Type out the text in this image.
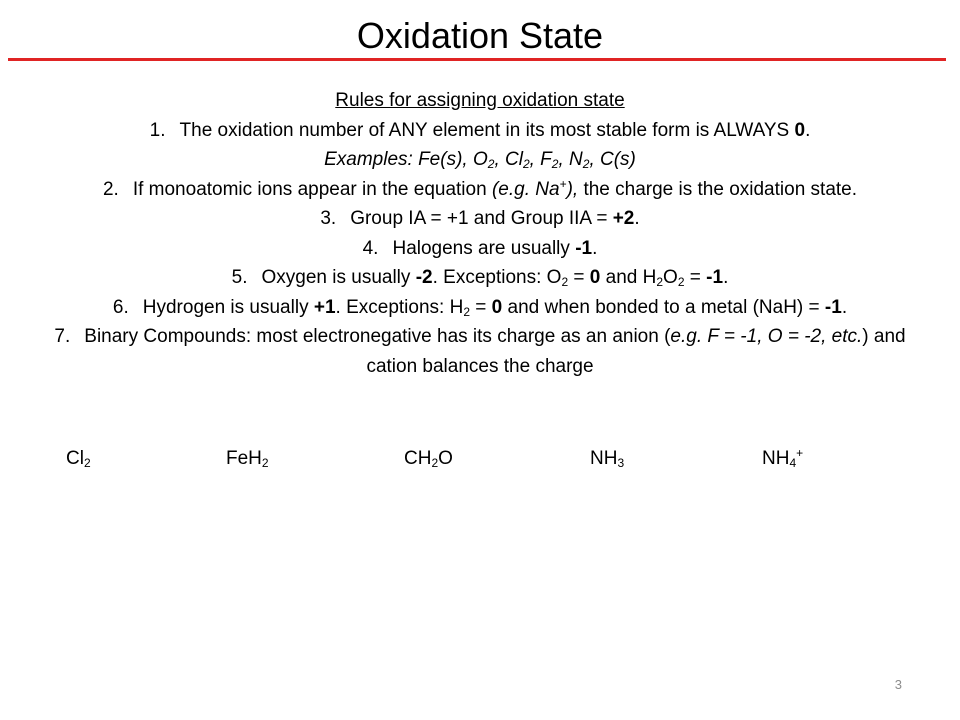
Oxidation State

Rules for assigning oxidation state

1. The oxidation number of ANY element in its most stable form is ALWAYS 0.

Examples: Fe(s), $O_2$, $Cl_2$, $F_2$, $N_2$, C(s)

2. If monoatomic ions appear in the equation (e.g. Na+), the charge is the oxidation state.

3. Group IA = +1 and Group IIA = +2.

4. Halogens are usually -1.

5. Oxygen is usually -2. Exceptions: $O_2 = 0$ and $H_2O_2 = -1$.

6. Hydrogen is usually +1. Exceptions: $H_2 = 0$ and when bonded to a metal (NaH) = -1.

7. Binary Compounds: most electronegative has its charge as an anion (e.g. F = -1, O = -2, etc.) and cation balances the charge

$Cl_2$	FeH$_2$	$CH_2O$	$NH_3$	$NH_4^+$
3
